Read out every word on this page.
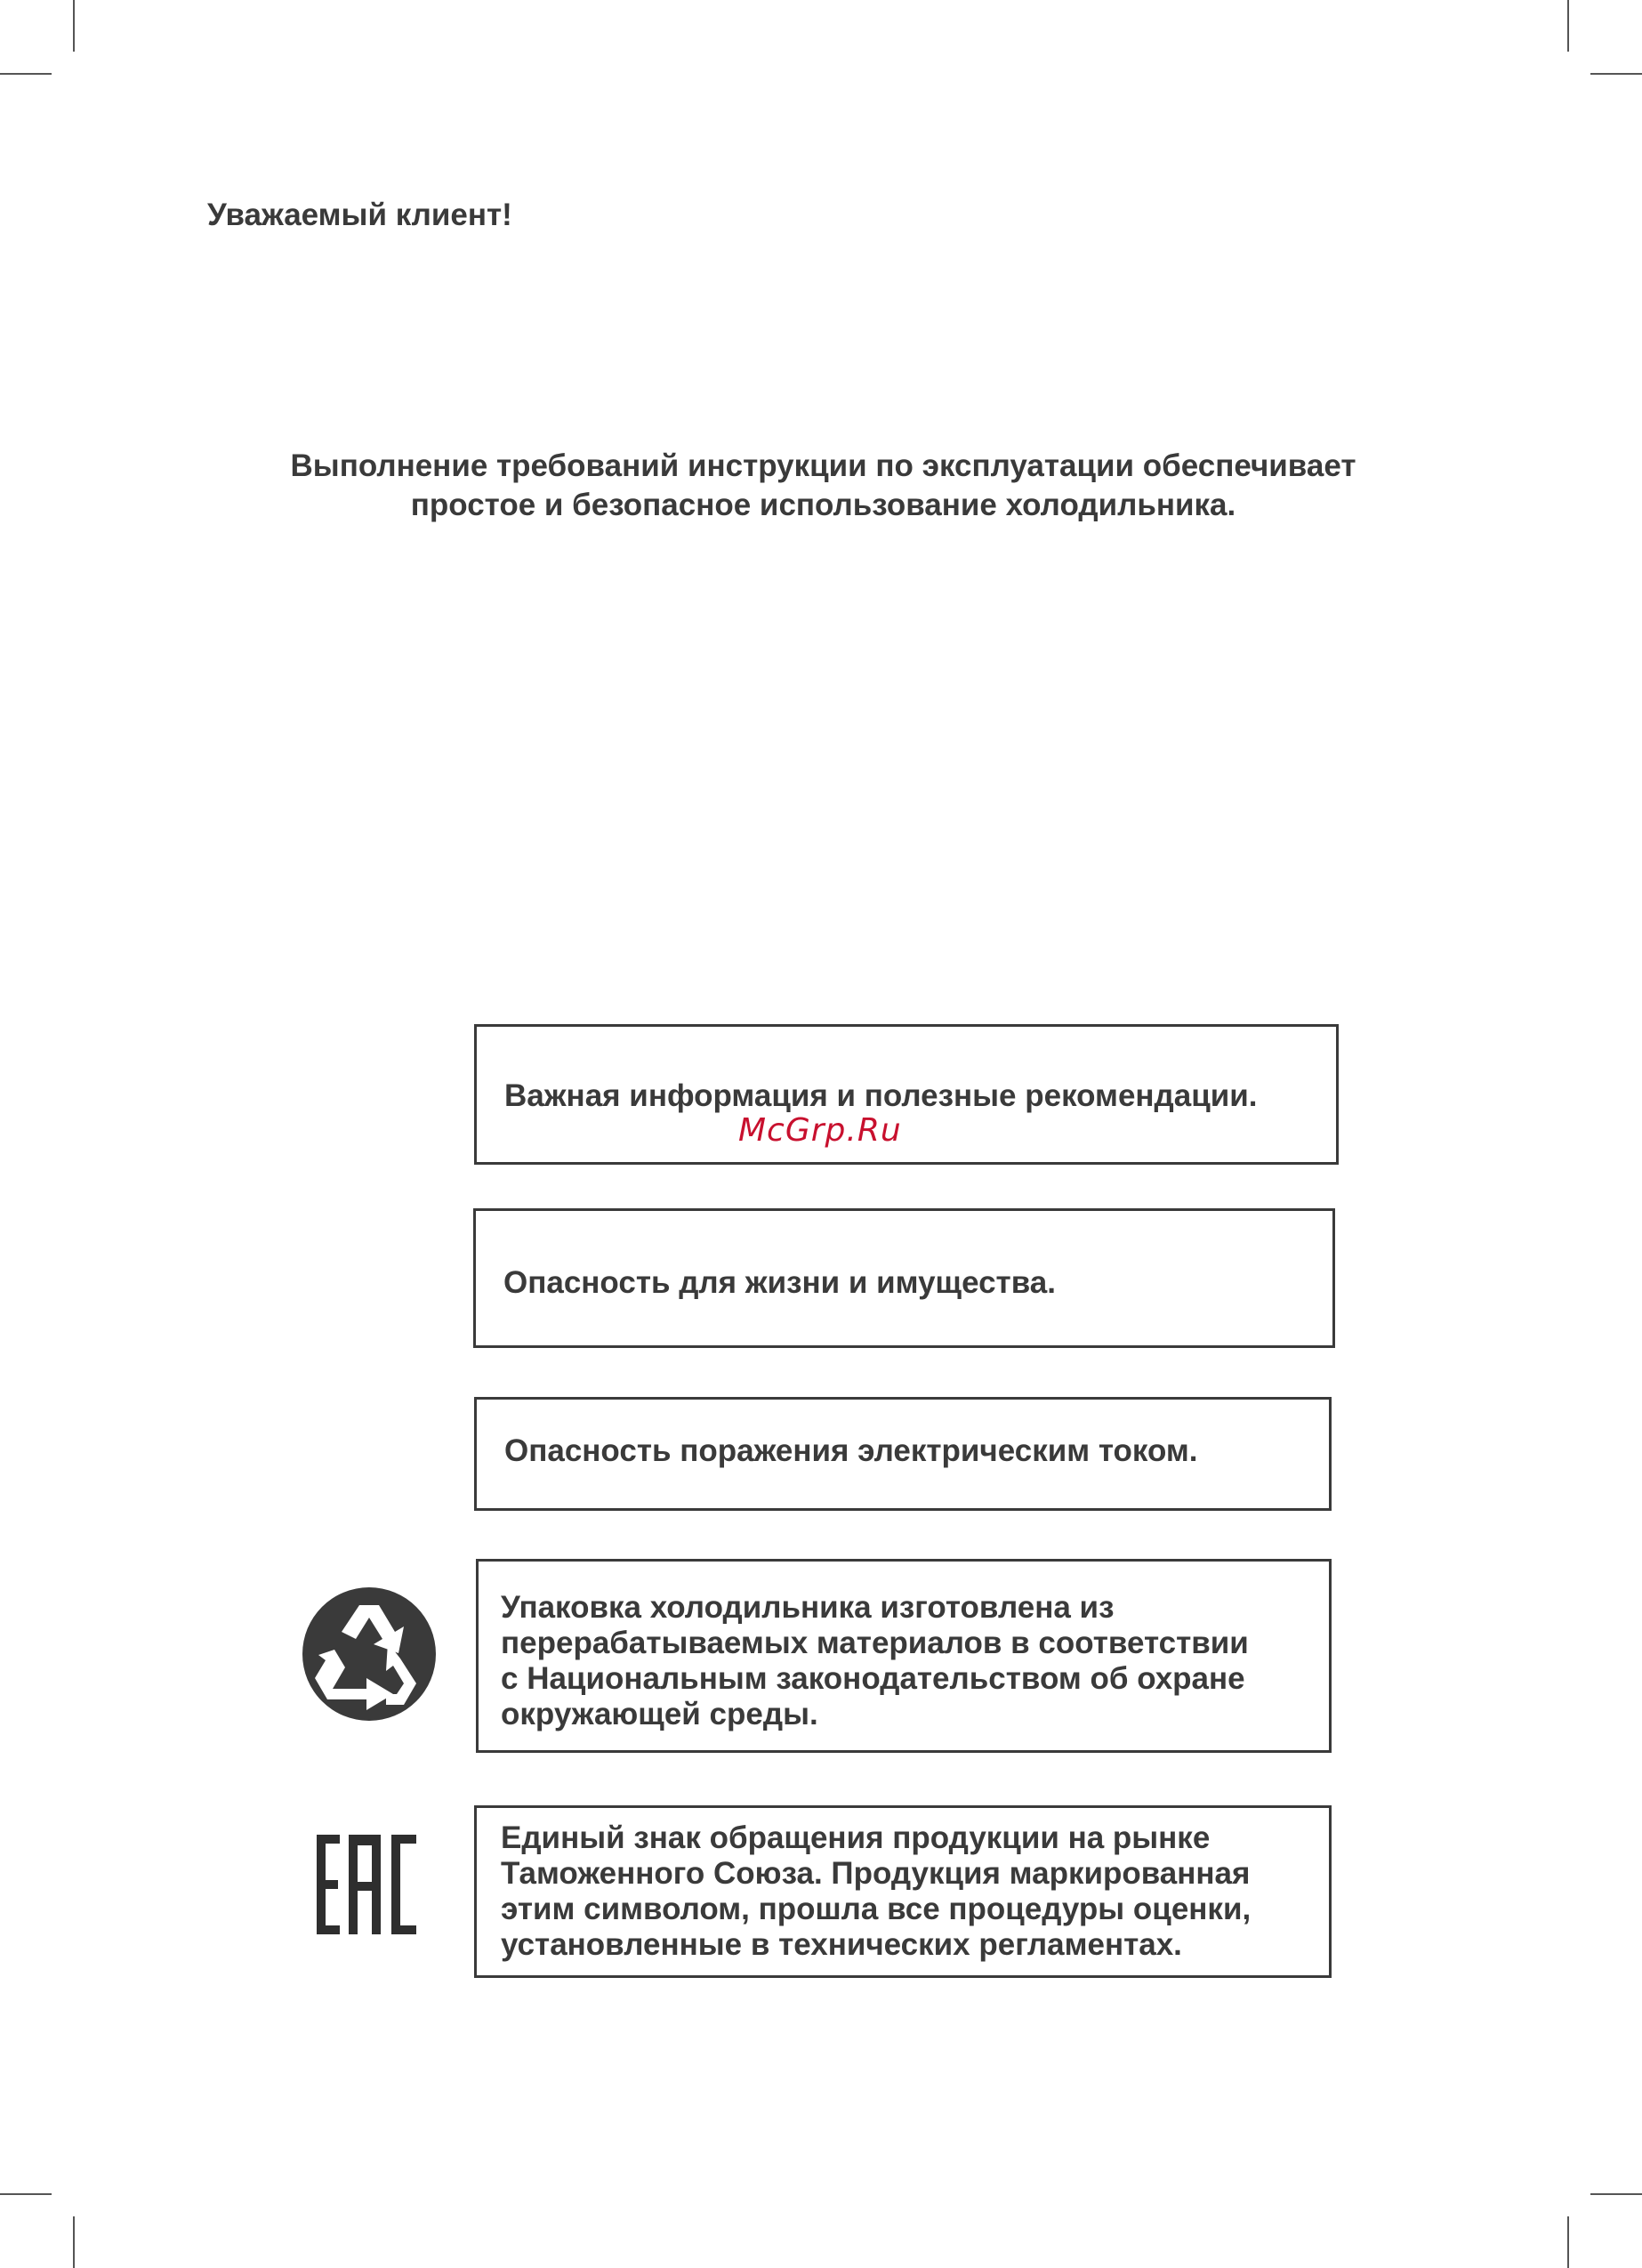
Уважаемый клиент!

Выполнение требований инструкции по эксплуатации обеспечивает
простое и безопасное использование холодильника.
Важная информация и полезные рекомендации.
McGrp.Ru
Опасность для жизни и имущества.
Опасность поражения электрическим током.
Упаковка холодильника изготовлена из
перерабатываемых материалов в соответствии
с Национальным законодательством об охране
окружающей среды.
Единый знак обращения продукции на рынке
Таможенного Союза. Продукция маркированная
этим символом, прошла все процедуры оценки,
установленные в технических регламентах.
